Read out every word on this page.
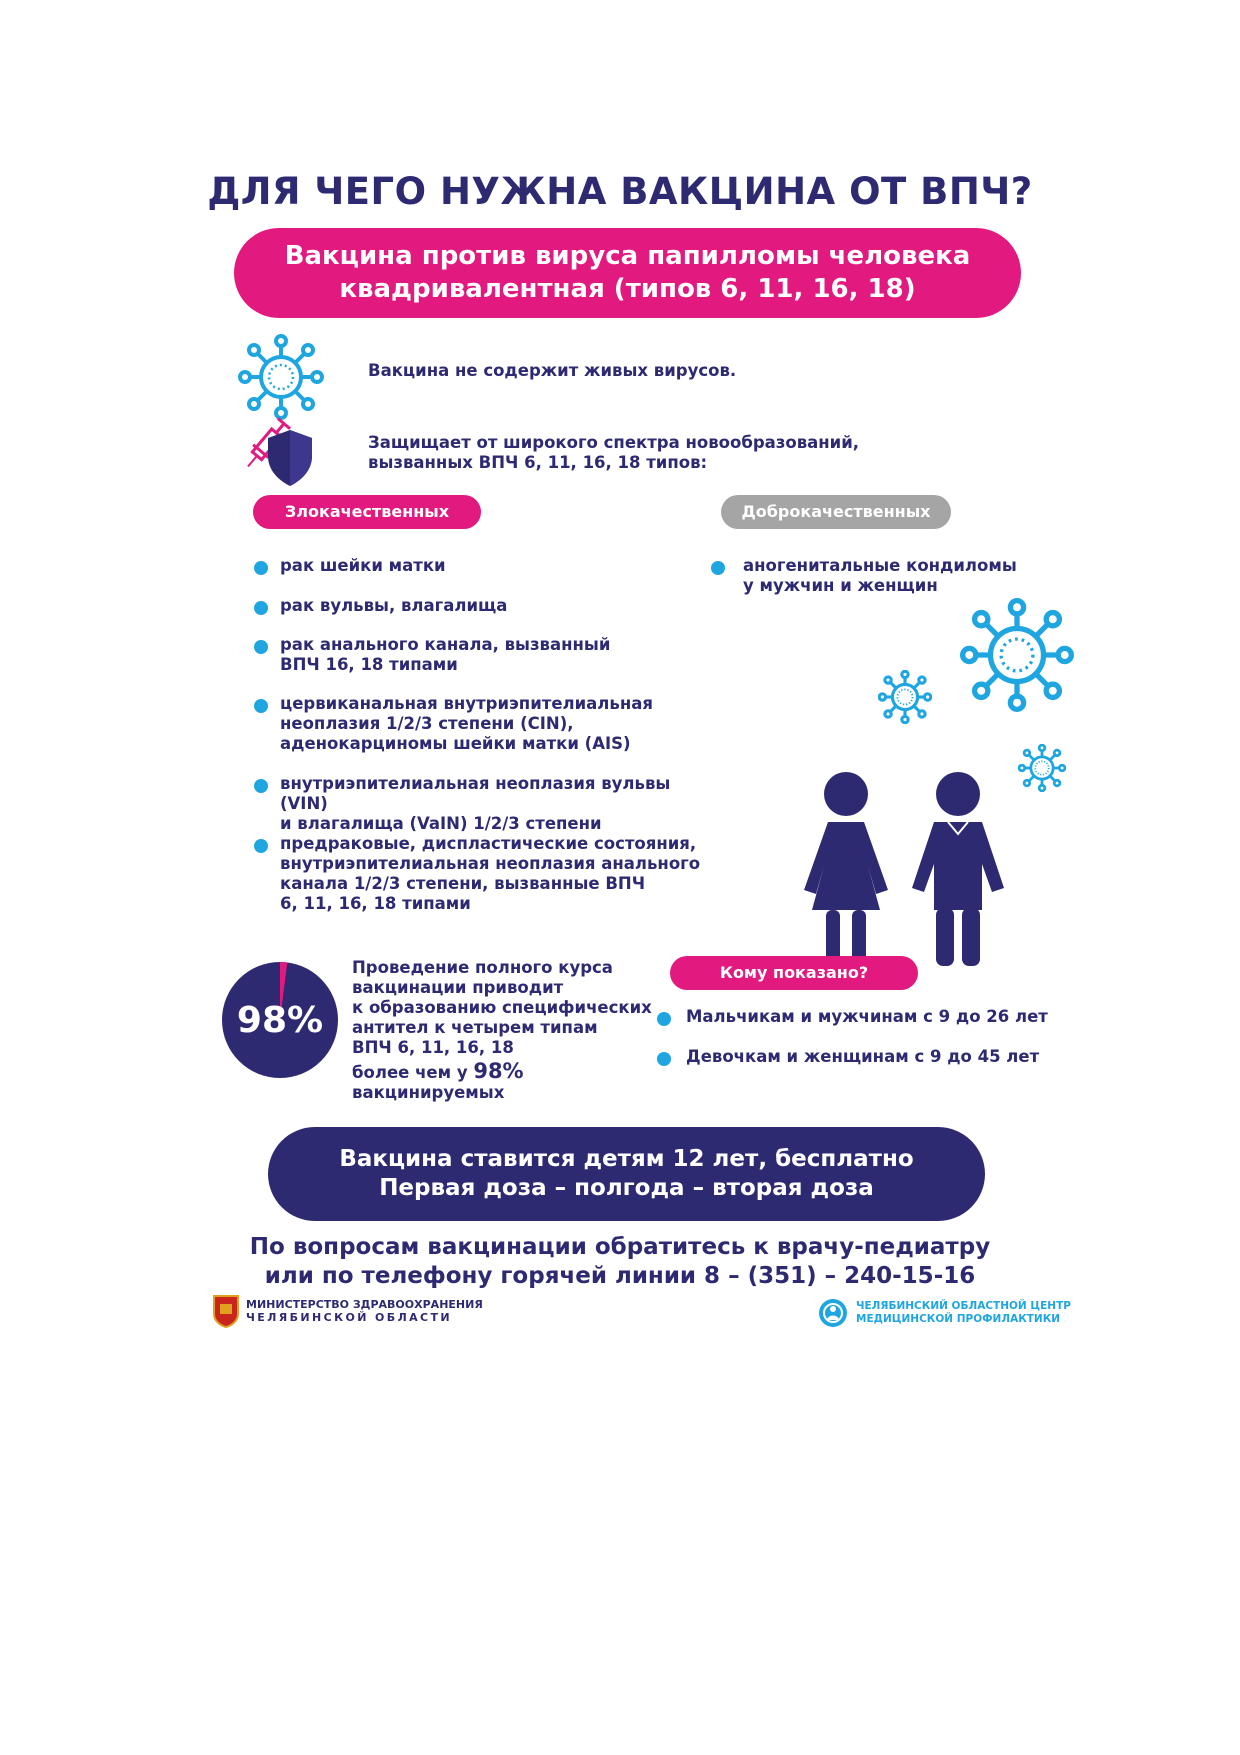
ДЛЯ ЧЕГО НУЖНА ВАКЦИНА ОТ ВПЧ?
Вакцина против вируса папилломы человека
квадривалентная (типов 6, 11, 16, 18)
Вакцина не содержит живых вирусов.
Защищает от широкого спектра новообразований,
вызванных ВПЧ 6, 11, 16, 18 типов:
Злокачественных	Доброкачественных
рак шейки матки
рак вульвы, влагалища
рак анального канала, вызванный
ВПЧ 16, 18 типами
цервиканальная внутриэпителиальная
неоплазия 1/2/3 степени (CIN),
аденокарциномы шейки матки (AIS)
внутриэпителиальная неоплазия вульвы (VIN)
и влагалища (VaIN) 1/2/3 степени
предраковые, диспластические состояния,
внутриэпителиальная неоплазия анального
канала 1/2/3 степени, вызванные ВПЧ
6, 11, 16, 18 типами
аногенитальные кондиломы
у мужчин и женщин
98%
Проведение полного курса
вакцинации приводит
к образованию специфических
антител к четырем типам
ВПЧ 6, 11, 16, 18
более чем у 98%
вакцинируемых
Кому показано?
Мальчикам и мужчинам с 9 до 26 лет
Девочкам и женщинам с 9 до 45 лет
Вакцина ставится детям 12 лет, бесплатно
Первая доза – полгода – вторая доза
По вопросам вакцинации обратитесь к врачу-педиатру
или по телефону горячей линии 8 – (351) – 240-15-16
МИНИСТЕРСТВО ЗДРАВООХРАНЕНИЯ
ЧЕЛЯБИНСКОЙ ОБЛАСТИ
ЧЕЛЯБИНСКИЙ ОБЛАСТНОЙ ЦЕНТР
МЕДИЦИНСКОЙ ПРОФИЛАКТИКИ
